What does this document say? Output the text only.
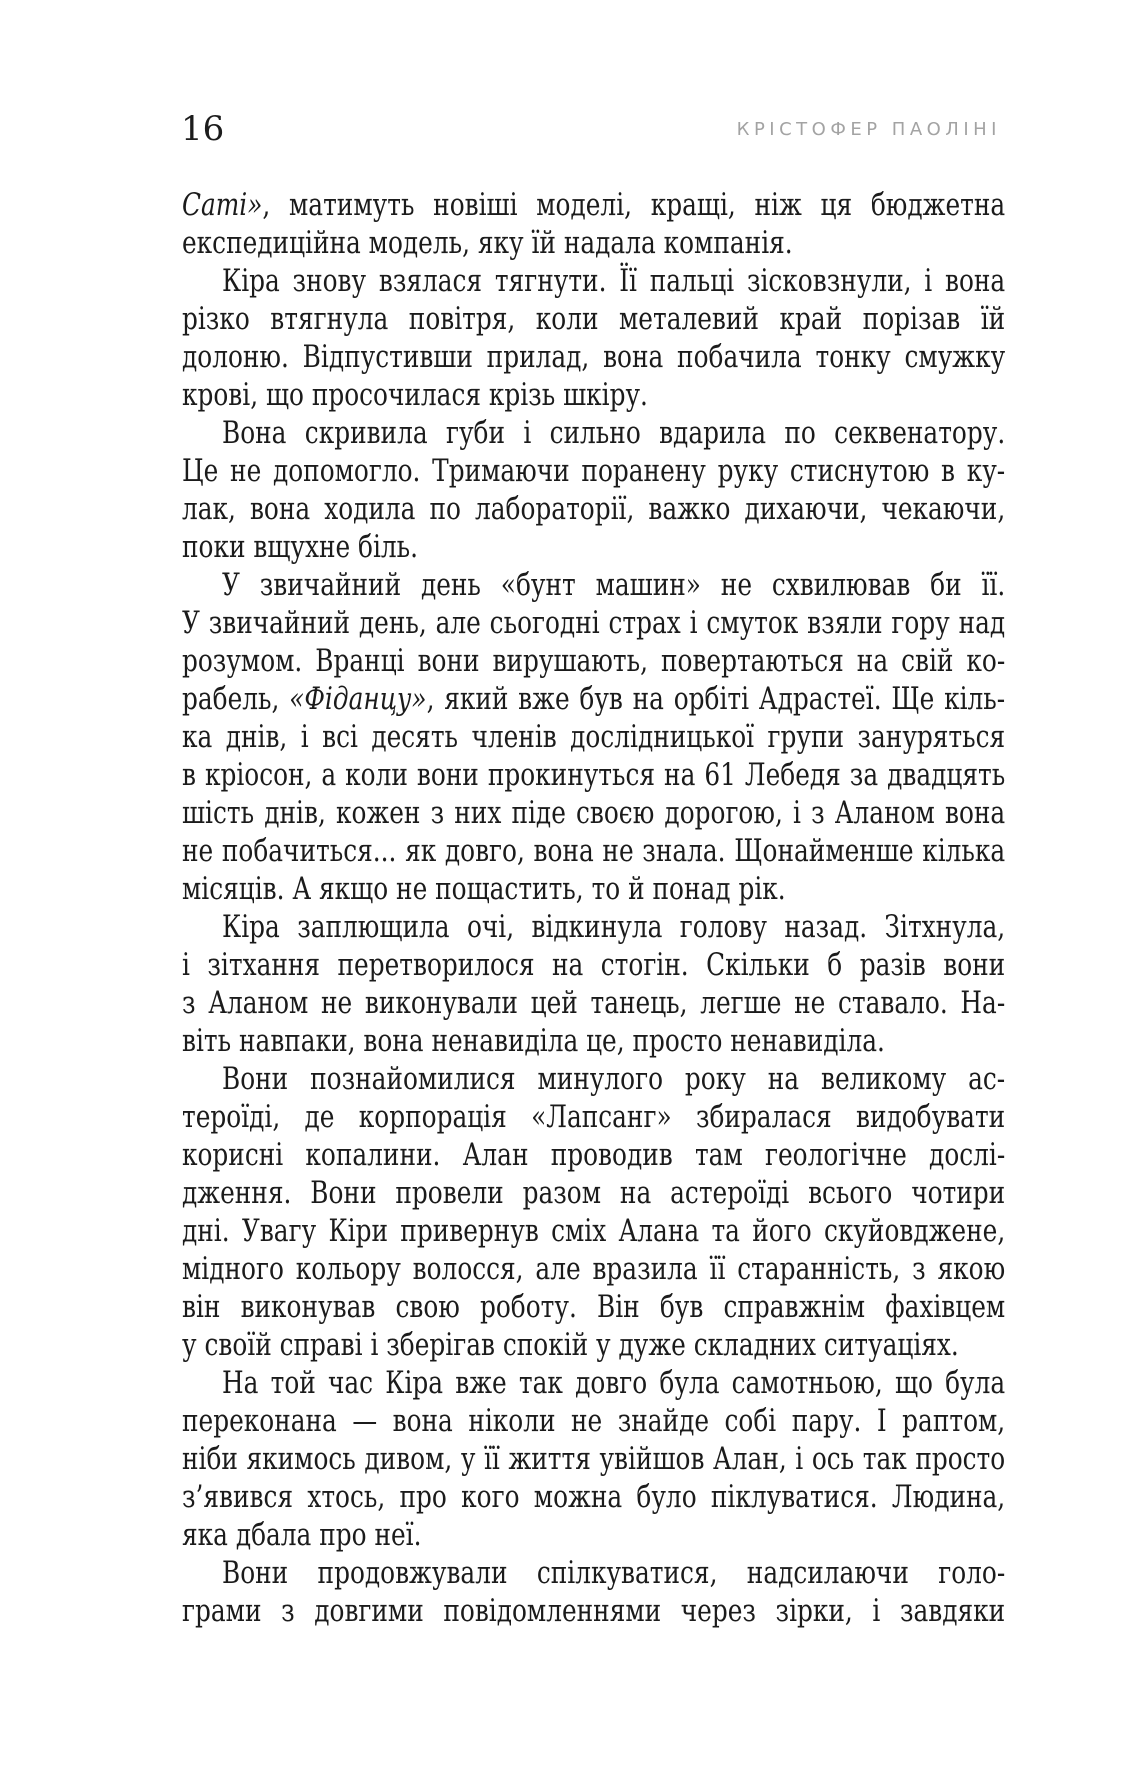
16	КРІСТОФЕР ПАОЛІНІ
Саті», матимуть новіші моделі, кращі, ніж ця бюджетна
експедиційна модель, яку їй надала компанія.
Кіра знову взялася тягнути. Її пальці зісковзнули, і вона
різко втягнула повітря, коли металевий край порізав їй
долоню. Відпустивши прилад, вона побачила тонку смужку
крові, що просочилася крізь шкіру.
Вона скривила губи і сильно вдарила по секвенатору.
Це не допомогло. Тримаючи поранену руку стиснутою в ку-
лак, вона ходила по лабораторії, важко дихаючи, чекаючи,
поки вщухне біль.
У звичайний день «бунт машин» не схвилював би її.
У звичайний день, але сьогодні страх і смуток взяли гору над
розумом. Вранці вони вирушають, повертаються на свій ко-
рабель, «Фіданцу», який вже був на орбіті Адрастеї. Ще кіль-
ка днів, і всі десять членів дослідницької групи зануряться
в кріосон, а коли вони прокинуться на 61 Лебедя за двадцять
шість днів, кожен з них піде своєю дорогою, і з Аланом вона
не побачиться... як довго, вона не знала. Щонайменше кілька
місяців. А якщо не пощастить, то й понад рік.
Кіра заплющила очі, відкинула голову назад. Зітхнула,
і зітхання перетворилося на стогін. Скільки б разів вони
з Аланом не виконували цей танець, легше не ставало. На-
віть навпаки, вона ненавиділа це, просто ненавиділа.
Вони познайомилися минулого року на великому ас-
тероїді, де корпорація «Лапсанг» збиралася видобувати
корисні копалини. Алан проводив там геологічне дослі-
дження. Вони провели разом на астероїді всього чотири
дні. Увагу Кіри привернув сміх Алана та його скуйовджене,
мідного кольору волосся, але вразила її старанність, з якою
він виконував свою роботу. Він був справжнім фахівцем
у своїй справі і зберігав спокій у дуже складних ситуаціях.
На той час Кіра вже так довго була самотньою, що була
переконана — вона ніколи не знайде собі пару. І раптом,
ніби якимось дивом, у її життя увійшов Алан, і ось так просто
з’явився хтось, про кого можна було піклуватися. Людина,
яка дбала про неї.
Вони продовжували спілкуватися, надсилаючи голо-
грами з довгими повідомленнями через зірки, і завдяки
